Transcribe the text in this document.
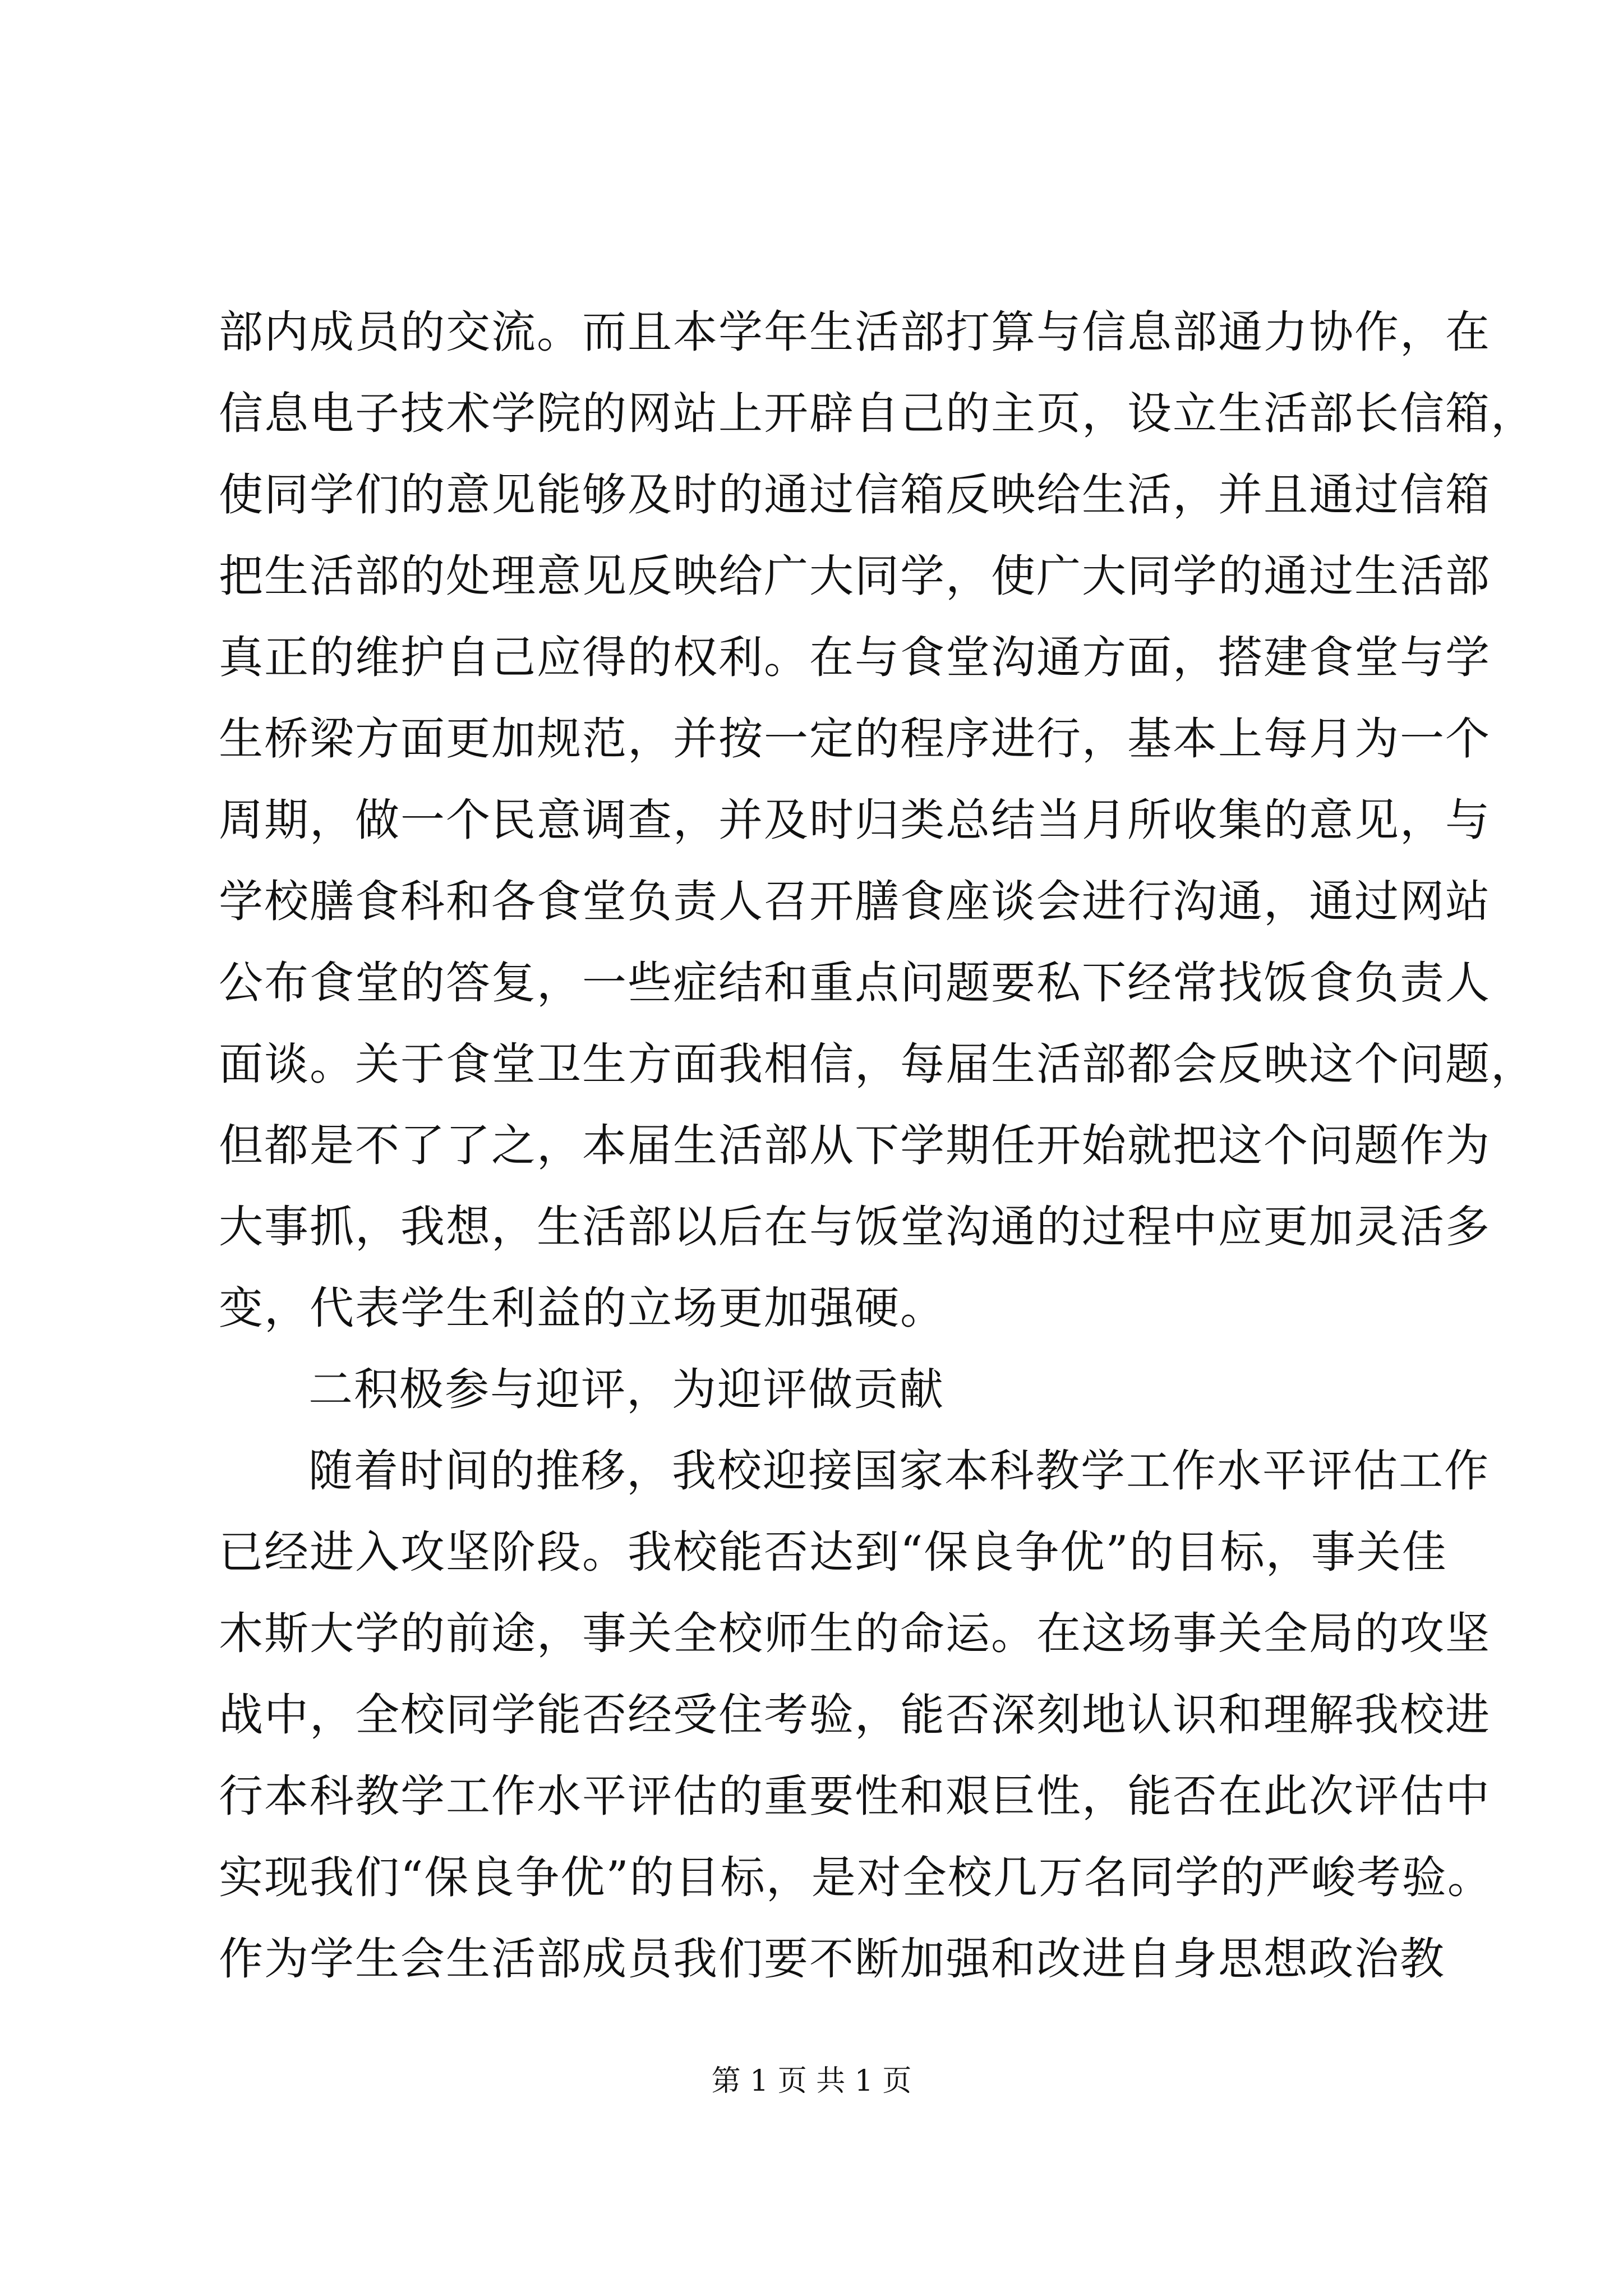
部内成员的交流。而且本学年生活部打算与信息部通力协作，在
信息电子技术学院的网站上开辟自己的主页，设立生活部长信箱，
使同学们的意见能够及时的通过信箱反映给生活，并且通过信箱
把生活部的处理意见反映给广大同学，使广大同学的通过生活部
真正的维护自己应得的权利。在与食堂沟通方面，搭建食堂与学
生桥梁方面更加规范，并按一定的程序进行，基本上每月为一个
周期，做一个民意调查，并及时归类总结当月所收集的意见，与
学校膳食科和各食堂负责人召开膳食座谈会进行沟通，通过网站
公布食堂的答复，一些症结和重点问题要私下经常找饭食负责人
面谈。关于食堂卫生方面我相信，每届生活部都会反映这个问题，
但都是不了了之，本届生活部从下学期任开始就把这个问题作为
大事抓，我想，生活部以后在与饭堂沟通的过程中应更加灵活多
变，代表学生利益的立场更加强硬。
二积极参与迎评，为迎评做贡献
随着时间的推移，我校迎接国家本科教学工作水平评估工作
已经进入攻坚阶段。我校能否达到“保良争优”的目标，事关佳
木斯大学的前途，事关全校师生的命运。在这场事关全局的攻坚
战中，全校同学能否经受住考验，能否深刻地认识和理解我校进
行本科教学工作水平评估的重要性和艰巨性，能否在此次评估中
实现我们“保良争优”的目标，是对全校几万名同学的严峻考验。
作为学生会生活部成员我们要不断加强和改进自身思想政治教
第 1 页 共 1 页
